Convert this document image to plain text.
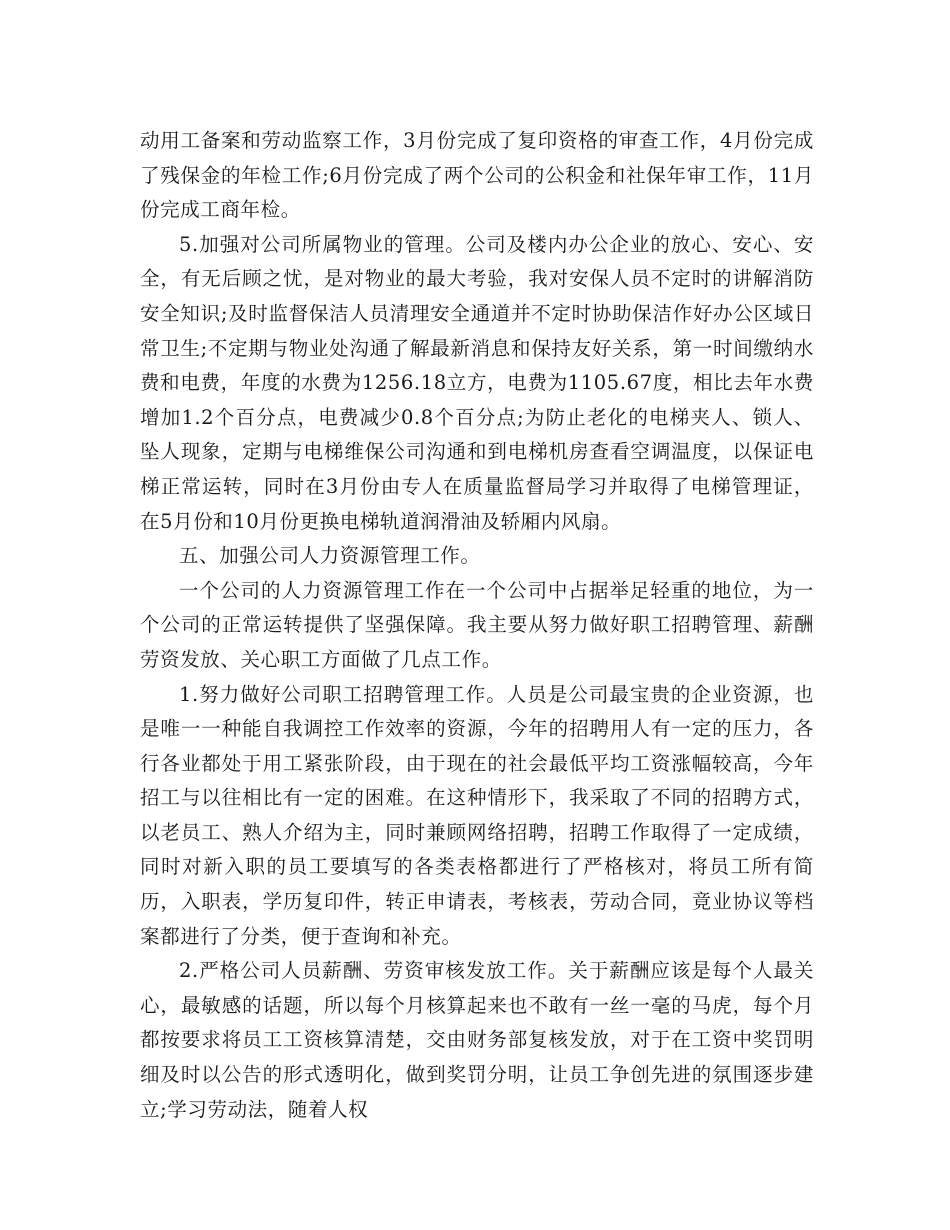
动用工备案和劳动监察工作，3月份完成了复印资格的审查工作，4月份完成了残保金的年检工作;6月份完成了两个公司的公积金和社保年审工作，11月份完成工商年检。

5.加强对公司所属物业的管理。公司及楼内办公企业的放心、安心、安全，有无后顾之忧，是对物业的最大考验，我对安保人员不定时的讲解消防安全知识;及时监督保洁人员清理安全通道并不定时协助保洁作好办公区域日常卫生;不定期与物业处沟通了解最新消息和保持友好关系，第一时间缴纳水费和电费，年度的水费为1256.18立方，电费为1105.67度，相比去年水费增加1.2个百分点，电费减少0.8个百分点;为防止老化的电梯夹人、锁人、坠人现象，定期与电梯维保公司沟通和到电梯机房查看空调温度，以保证电梯正常运转，同时在3月份由专人在质量监督局学习并取得了电梯管理证，在5月份和10月份更换电梯轨道润滑油及轿厢内风扇。

五、加强公司人力资源管理工作。

一个公司的人力资源管理工作在一个公司中占据举足轻重的地位，为一个公司的正常运转提供了坚强保障。我主要从努力做好职工招聘管理、薪酬劳资发放、关心职工方面做了几点工作。

1.努力做好公司职工招聘管理工作。人员是公司最宝贵的企业资源，也是唯一一种能自我调控工作效率的资源，今年的招聘用人有一定的压力，各行各业都处于用工紧张阶段，由于现在的社会最低平均工资涨幅较高，今年招工与以往相比有一定的困难。在这种情形下，我采取了不同的招聘方式，以老员工、熟人介绍为主，同时兼顾网络招聘，招聘工作取得了一定成绩，同时对新入职的员工要填写的各类表格都进行了严格核对，将员工所有简历，入职表，学历复印件，转正申请表，考核表，劳动合同，竟业协议等档案都进行了分类，便于查询和补充。

2.严格公司人员薪酬、劳资审核发放工作。关于薪酬应该是每个人最关心，最敏感的话题，所以每个月核算起来也不敢有一丝一毫的马虎，每个月都按要求将员工工资核算清楚，交由财务部复核发放，对于在工资中奖罚明细及时以公告的形式透明化，做到奖罚分明，让员工争创先进的氛围逐步建立;学习劳动法，随着人权
